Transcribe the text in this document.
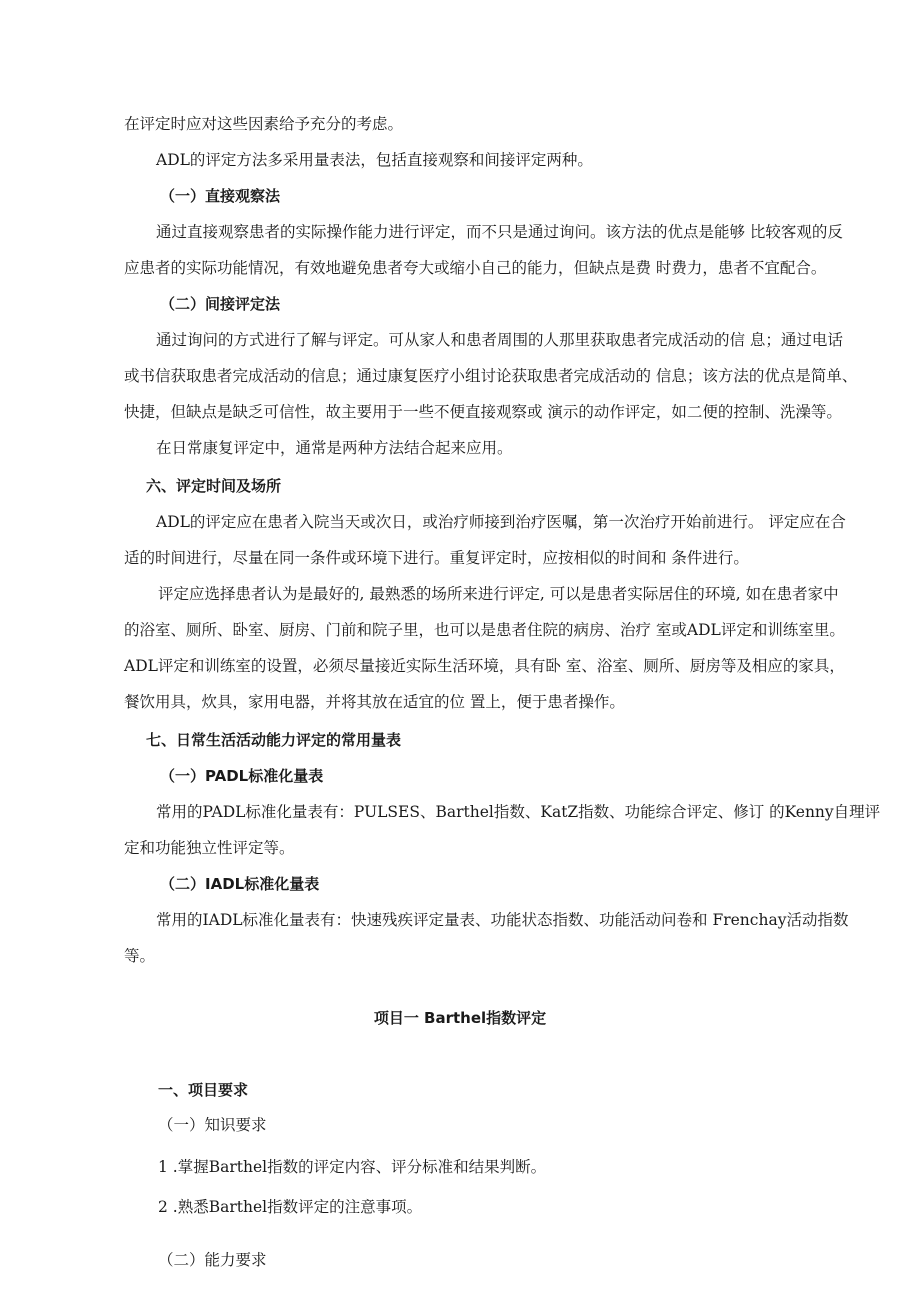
在评定时应对这些因素给予充分的考虑。
ADL的评定方法多采用量表法，包括直接观察和间接评定两种。
（一）直接观察法
通过直接观察患者的实际操作能力进行评定，而不只是通过询问。该方法的优点是能够 比较客观的反
应患者的实际功能情况，有效地避免患者夸大或缩小自己的能力，但缺点是费 时费力，患者不宜配合。
（二）间接评定法
通过询问的方式进行了解与评定。可从家人和患者周围的人那里获取患者完成活动的信 息；通过电话
或书信获取患者完成活动的信息；通过康复医疗小组讨论获取患者完成活动的 信息；该方法的优点是简单、
快捷，但缺点是缺乏可信性，故主要用于一些不便直接观察或 演示的动作评定，如二便的控制、洗澡等。
在日常康复评定中，通常是两种方法结合起来应用。
六、评定时间及场所
ADL的评定应在患者入院当天或次日，或治疗师接到治疗医嘱，第一次治疗开始前进行。 评定应在合
适的时间进行，尽量在同一条件或环境下进行。重复评定时，应按相似的时间和 条件进行。
评定应选择患者认为是最好的, 最熟悉的场所来进行评定, 可以是患者实际居住的环境, 如在患者家中
的浴室、厕所、卧室、厨房、门前和院子里，也可以是患者住院的病房、治疗 室或ADL评定和训练室里。
ADL评定和训练室的设置，必须尽量接近实际生活环境，具有卧 室、浴室、厕所、厨房等及相应的家具，
餐饮用具，炊具，家用电器，并将其放在适宜的位 置上，便于患者操作。
七、日常生活活动能力评定的常用量表
（一）PADL标准化量表
常用的PADL标准化量表有：PULSES、Barthel指数、KatZ指数、功能综合评定、修订 的Kenny自理评
定和功能独立性评定等。
（二）IADL标准化量表
常用的IADL标准化量表有：快速残疾评定量表、功能状态指数、功能活动问卷和 Frenchay活动指数
等。
项目一 Barthel指数评定
一、项目要求
（一）知识要求
1 .掌握Barthel指数的评定内容、评分标准和结果判断。
2 .熟悉Barthel指数评定的注意事项。
（二）能力要求
